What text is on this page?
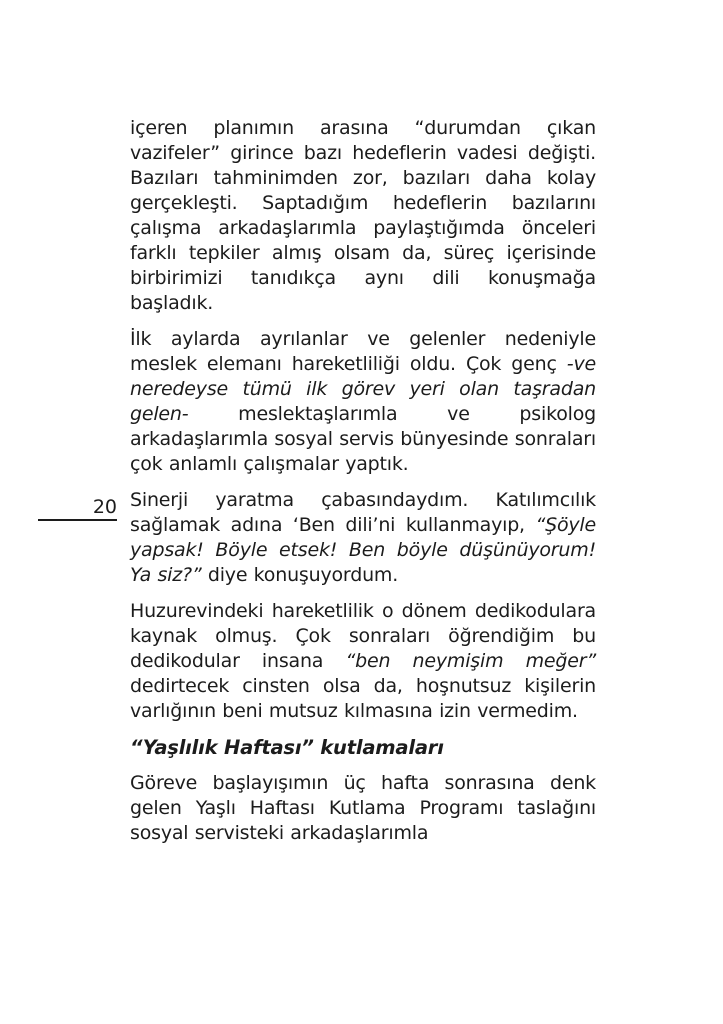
20

içeren planımın arasına “durumdan çıkan vazifeler” girince bazı hedeflerin vadesi değişti. Bazıları tahminimden zor, bazıları daha kolay gerçekleşti. Saptadığım hedeflerin bazılarını çalışma arkadaşlarımla paylaştığımda önceleri farklı tepkiler almış olsam da, süreç içerisinde birbirimizi tanıdıkça aynı dili konuşmağa başladık.

İlk aylarda ayrılanlar ve gelenler nedeniyle meslek elemanı hareketliliği oldu. Çok genç -ve neredeyse tümü ilk görev yeri olan taşradan gelen- meslektaşlarımla ve psikolog arkadaşlarımla sosyal servis bünyesinde sonraları çok anlamlı çalışmalar yaptık.

Sinerji yaratma çabasındaydım. Katılımcılık sağlamak adına ‘Ben dili’ni kullanmayıp, “Şöyle yapsak! Böyle etsek! Ben böyle düşünüyorum! Ya siz?” diye konuşuyordum.

Huzurevindeki hareketlilik o dönem dedikodulara kaynak olmuş. Çok sonraları öğrendiğim bu dedikodular insana “ben neymişim meğer” dedirtecek cinsten olsa da, hoşnutsuz kişilerin varlığının beni mutsuz kılmasına izin vermedim.

“Yaşlılık Haftası” kutlamaları

Göreve başlayışımın üç hafta sonrasına denk gelen Yaşlı Haftası Kutlama Programı taslağını sosyal servisteki arkadaşlarımla
